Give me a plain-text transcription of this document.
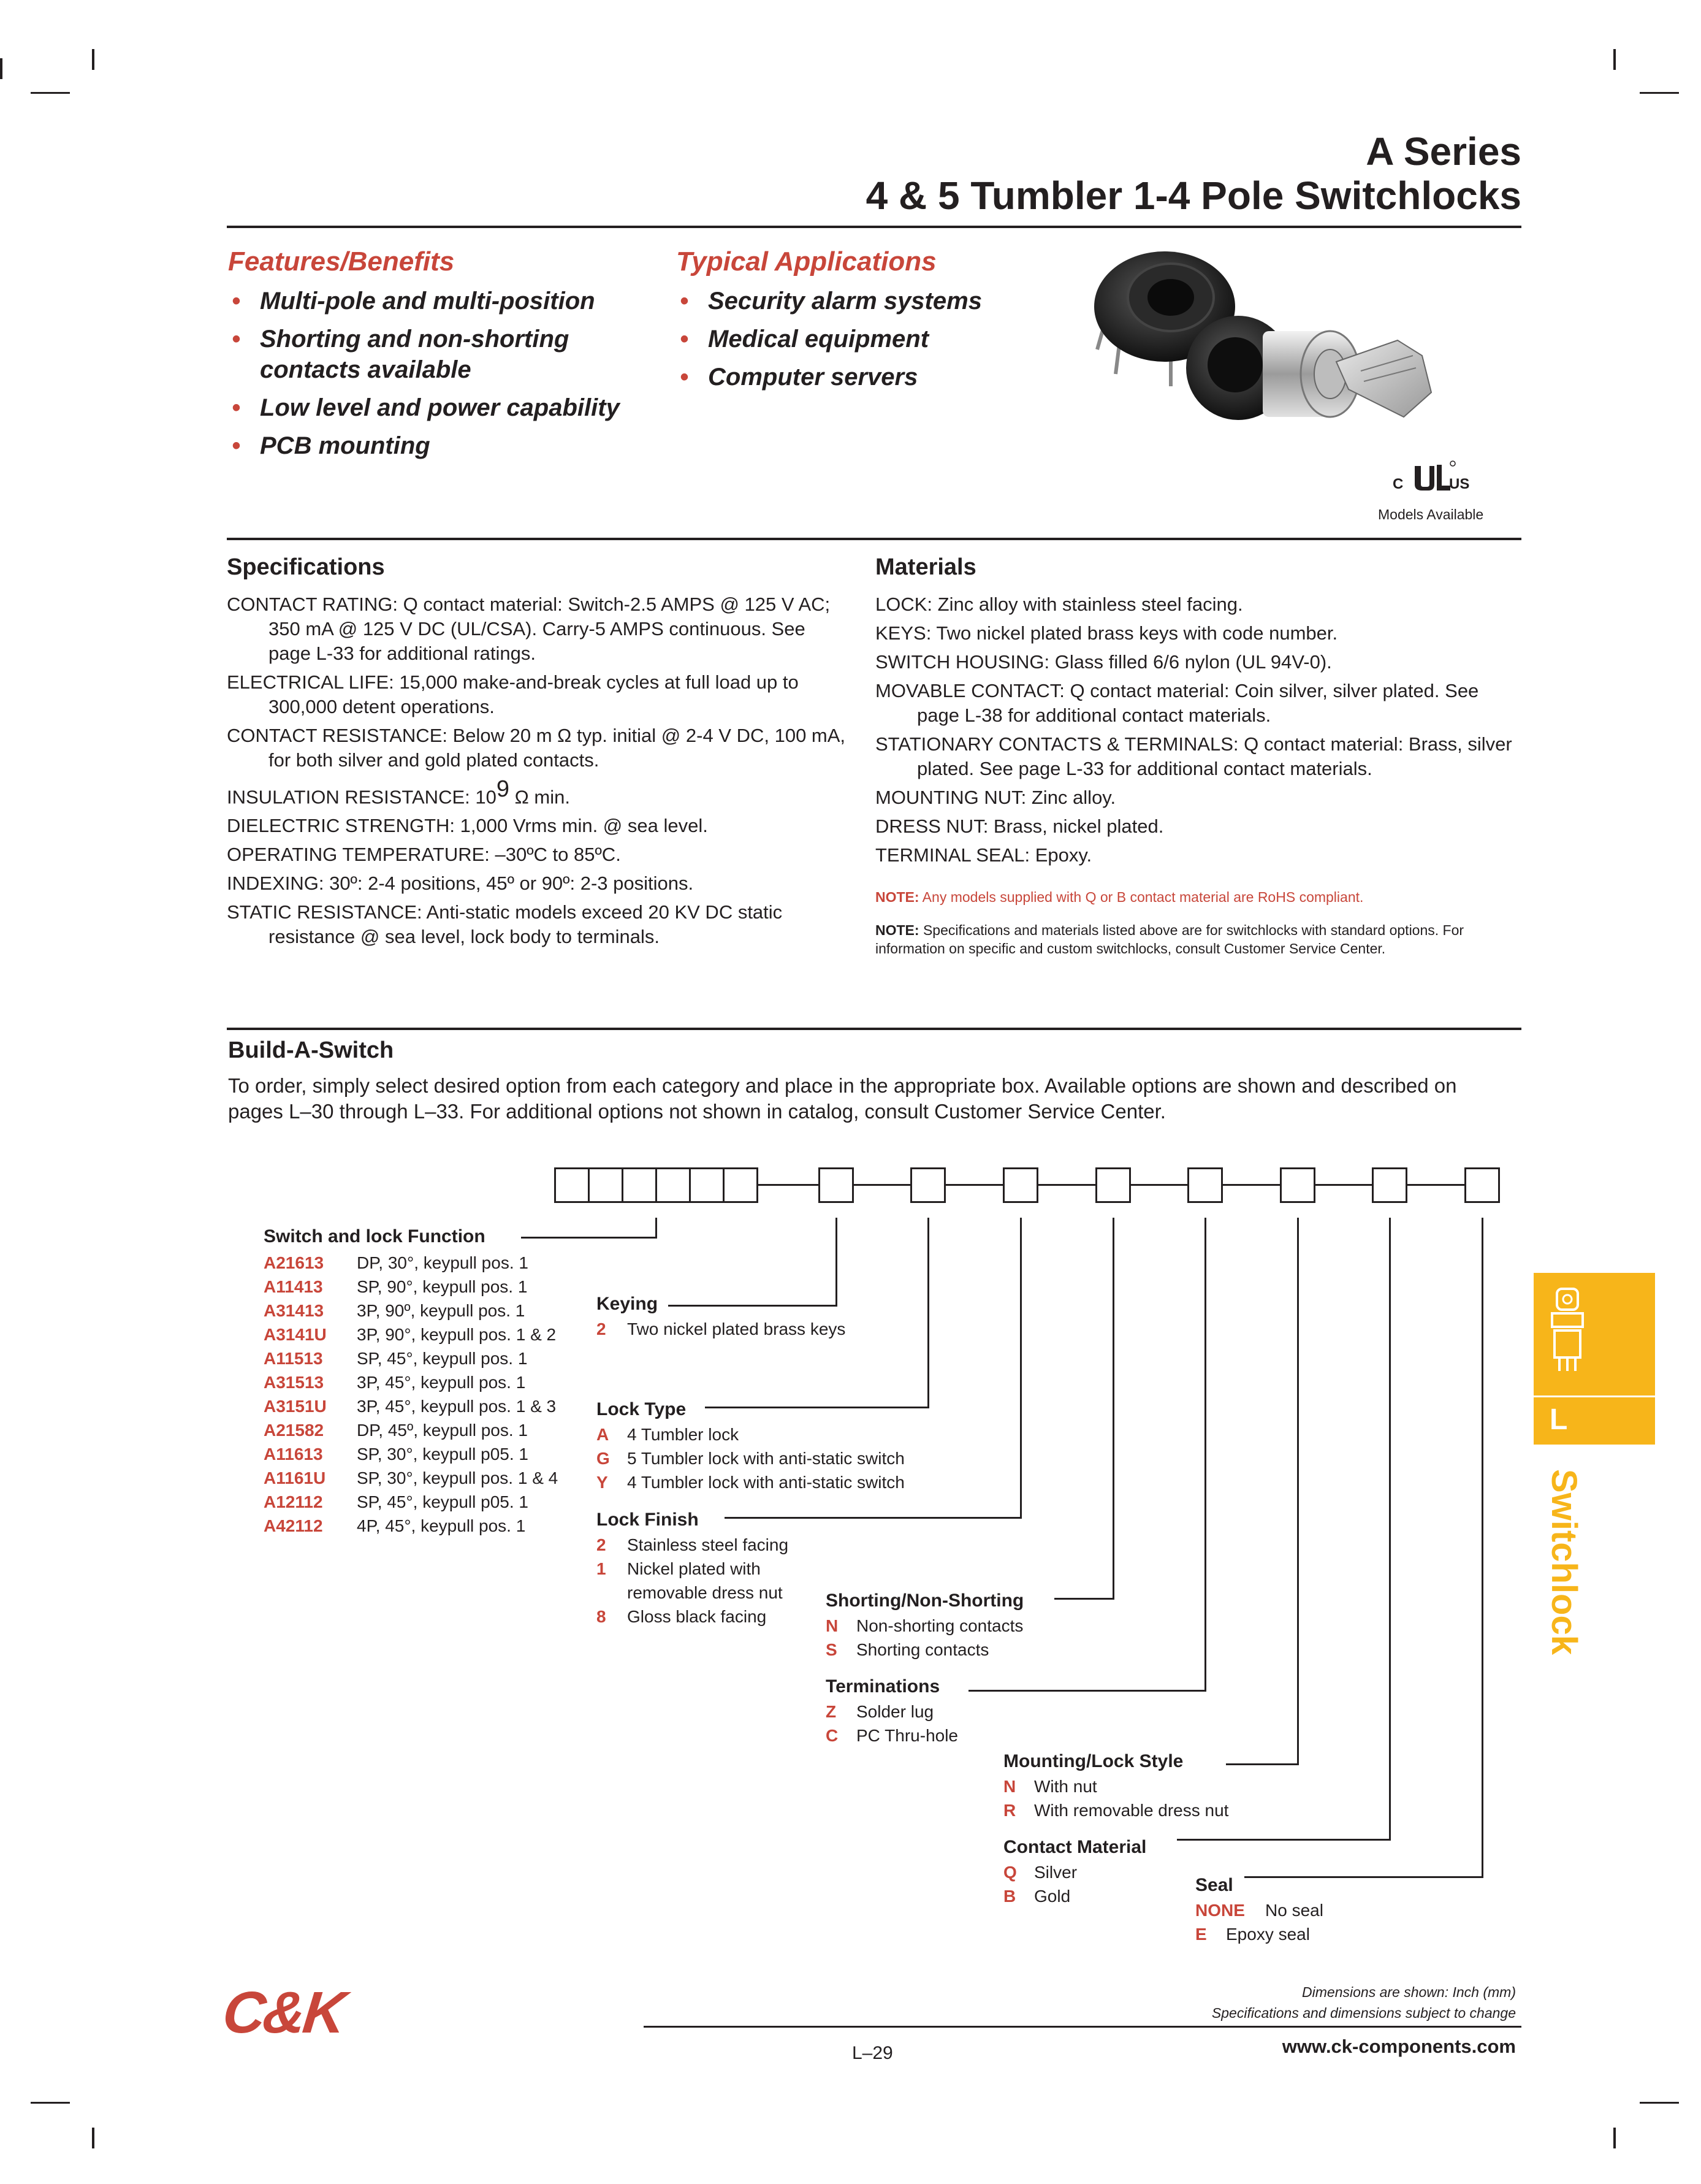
A Series
4 & 5 Tumbler 1-4 Pole Switchlocks
Features/Benefits
• Multi-pole and multi-position
• Shorting and non-shorting contacts available
• Low level and power capability
• PCB mounting
Typical Applications
• Security alarm systems
• Medical equipment
• Computer servers
C	US
Models Available
Specifications

CONTACT RATING: Q contact material: Switch-2.5 AMPS @ 125 V AC; 350 mA @ 125 V DC (UL/CSA). Carry-5 AMPS continuous. See page L-33 for additional ratings.

ELECTRICAL LIFE: 15,000 make-and-break cycles at full load up to 300,000 detent operations.

CONTACT RESISTANCE: Below 20 m Ω typ. initial @ 2-4 V DC, 100 mA, for both silver and gold plated contacts.

INSULATION RESISTANCE: $10^9$ Ω min.

DIELECTRIC STRENGTH: 1,000 Vrms min. @ sea level.

OPERATING TEMPERATURE: –30ºC to 85ºC.

INDEXING: 30º: 2-4 positions, 45º or 90º: 2-3 positions.

STATIC RESISTANCE: Anti-static models exceed 20 KV DC static resistance @ sea level, lock body to terminals.

Materials

LOCK: Zinc alloy with stainless steel facing.

KEYS: Two nickel plated brass keys with code number.

SWITCH HOUSING: Glass filled 6/6 nylon (UL 94V-0).

MOVABLE CONTACT: Q contact material: Coin silver, silver plated. See page L-38 for additional contact materials.

STATIONARY CONTACTS & TERMINALS: Q contact material: Brass, silver plated. See page L-33 for additional contact materials.

MOUNTING NUT: Zinc alloy.

DRESS NUT: Brass, nickel plated.

TERMINAL SEAL: Epoxy.

NOTE: Any models supplied with Q or B contact material are RoHS compliant.
NOTE: Specifications and materials listed above are for switchlocks with standard options. For information on specific and custom switchlocks, consult Customer Service Center.
Build-A-Switch
To order, simply select desired option from each category and place in the appropriate box. Available options are shown and described on pages L–30 through L–33. For additional options not shown in catalog, consult Customer Service Center.
Switch and lock Function
A21613 DP, 30°, keypull pos. 1
A11413 SP, 90°, keypull pos. 1
A31413 3P, 90º, keypull pos. 1
A3141U 3P, 90°, keypull pos. 1 & 2
A11513 SP, 45°, keypull pos. 1
A31513 3P, 45°, keypull pos. 1
A3151U 3P, 45°, keypull pos. 1 & 3
A21582 DP, 45º, keypull pos. 1
A11613 SP, 30°, keypull p05. 1
A1161U SP, 30°, keypull pos. 1 & 4
A12112 SP, 45°, keypull p05. 1
A42112 4P, 45°, keypull pos. 1
Keying
2 Two nickel plated brass keys
Lock Type
A 4 Tumbler lock
G 5 Tumbler lock with anti-static switch
Y 4 Tumbler lock with anti-static switch
Lock Finish
2 Stainless steel facing
1 Nickel plated with
removable dress nut
8 Gloss black facing
Shorting/Non-Shorting
N Non-shorting contacts
S Shorting contacts
Terminations
Z Solder lug
C PC Thru-hole
Mounting/Lock Style
N With nut
R With removable dress nut
Contact Material
Q Silver
B Gold
Seal
NONE No seal
E Epoxy seal
L
Switchlock
C&K	Dimensions are shown: Inch (mm)
Specifications and dimensions subject to change
L–29	www.ck-components.com
